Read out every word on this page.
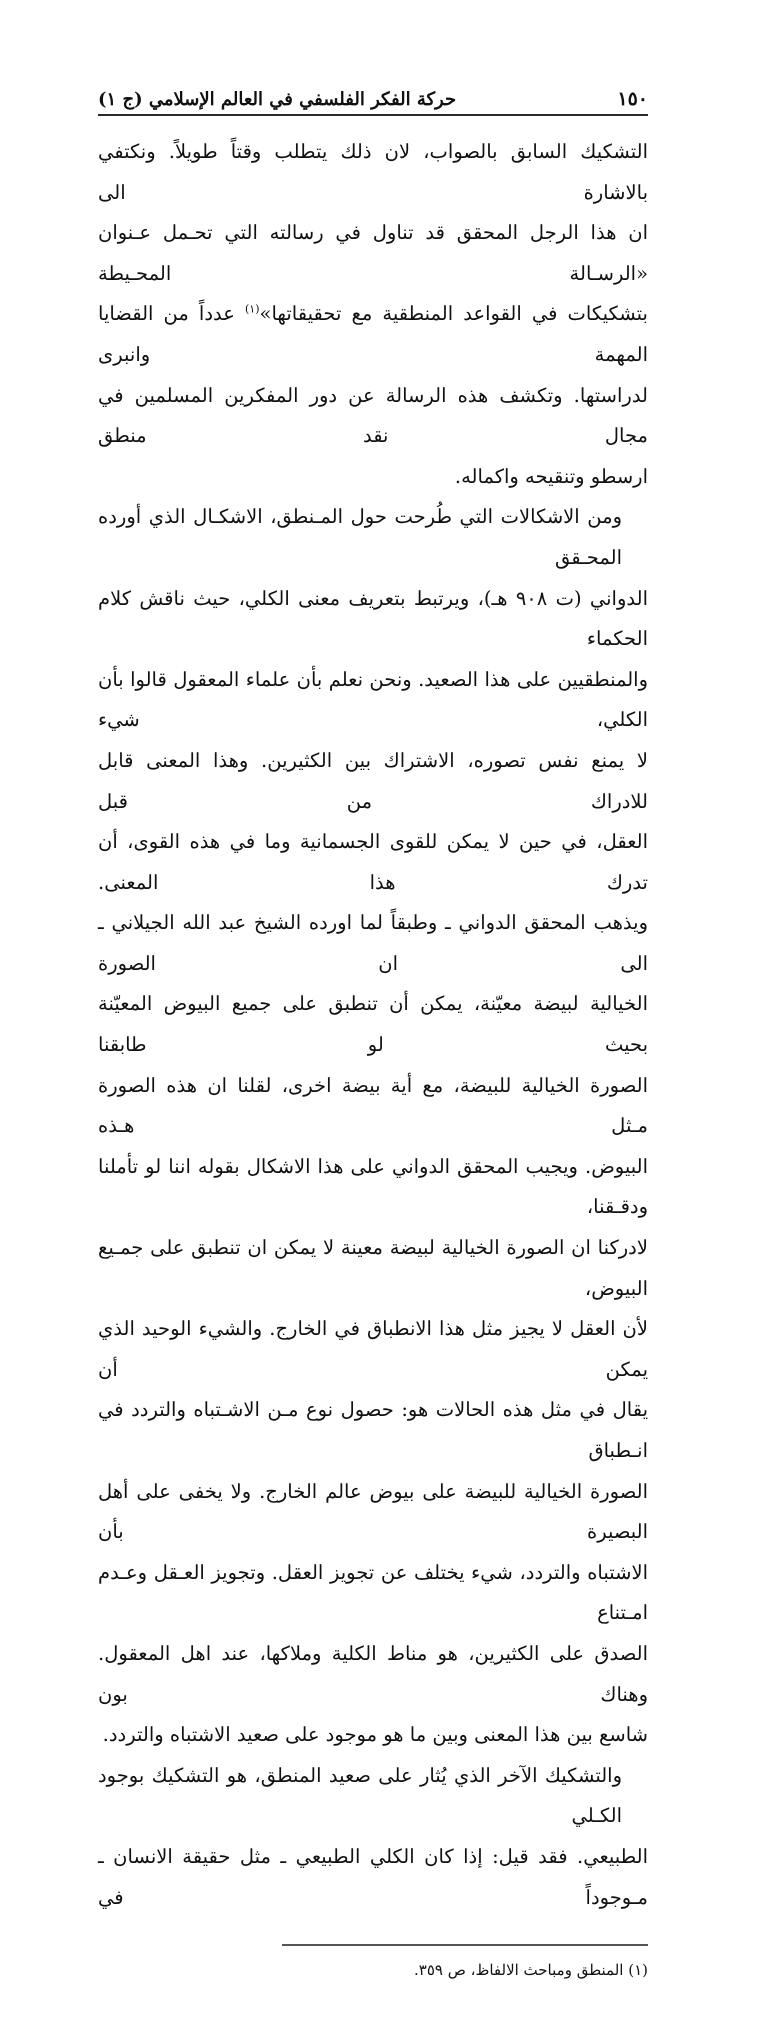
١٥٠
حركة الفكر الفلسفي في العالم الإسلامي (ج ١)
التشكيك السابق بالصواب، لان ذلك يتطلب وقتاً طويلاً. ونكتفي بالاشارة الى
ان هذا الرجل المحقق قد تناول في رسالته التي تحـمل عـنوان «الرسـالة المحـيطة
بتشكيكات في القواعد المنطقية مع تحقيقاتها»$^{(١)}$ عدداً من القضايا المهمة وانبرى
لدراستها. وتكشف هذه الرسالة عن دور المفكرين المسلمين في مجال نقد منطق
ارسطو وتنقيحه واكماله.
ومن الاشكالات التي طُرحت حول المـنطق، الاشكـال الذي أورده المحـقق
الدواني (ت ٩٠٨ هـ)، ويرتبط بتعريف معنى الكلي، حيث ناقش كلام الحكماء
والمنطقيين على هذا الصعيد. ونحن نعلم بأن علماء المعقول قالوا بأن الكلي، شيء
لا يمنع نفس تصوره، الاشتراك بين الكثيرين. وهذا المعنى قابل للادراك من قبل
العقل، في حين لا يمكن للقوى الجسمانية وما في هذه القوى، أن تدرك هذا المعنى.
ويذهب المحقق الدواني ـ وطبقاً لما اورده الشيخ عبد الله الجيلاني ـ الى ان الصورة
الخيالية لبيضة معيّنة، يمكن أن تنطبق على جميع البيوض المعيّنة بحيث لو طابقنا
الصورة الخيالية للبيضة، مع أية بيضة اخرى، لقلنا ان هذه الصورة مـثل هـذه
البيوض. ويجيب المحقق الدواني على هذا الاشكال بقوله اننا لو تأملنا ودقـقنا،
لادركنا ان الصورة الخيالية لبيضة معينة لا يمكن ان تنطبق على جمـيع البيوض،
لأن العقل لا يجيز مثل هذا الانطباق في الخارج. والشيء الوحيد الذي يمكن أن
يقال في مثل هذه الحالات هو: حصول نوع مـن الاشـتباه والتردد في انـطباق
الصورة الخيالية للبيضة على بيوض عالم الخارج. ولا يخفى على أهل البصيرة بأن
الاشتباه والتردد، شيء يختلف عن تجويز العقل. وتجويز العـقل وعـدم امـتناع
الصدق على الكثيرين، هو مناط الكلية وملاكها، عند اهل المعقول. وهناك بون
شاسع بين هذا المعنى وبين ما هو موجود على صعيد الاشتباه والتردد.
والتشكيك الآخر الذي يُثار على صعيد المنطق، هو التشكيك بوجود الكـلي
الطبيعي. فقد قيل: إذا كان الكلي الطبيعي ـ مثل حقيقة الانسان ـ مـوجوداً في
(١) المنطق ومباحث الالفاظ، ص ٣٥٩.
